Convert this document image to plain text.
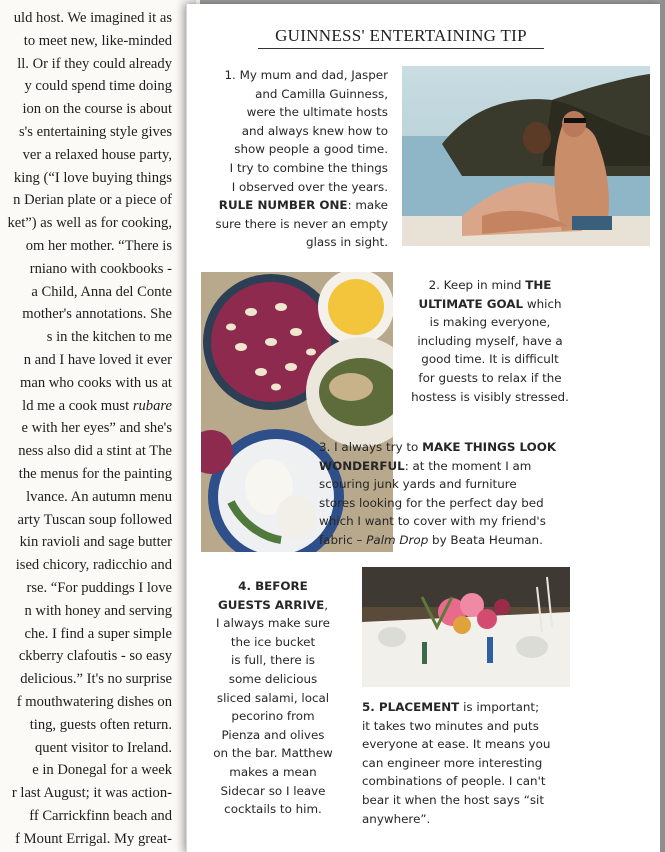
uld host. We imagined it as
to meet new, like-minded
ll. Or if they could already
y could spend time doing
ion on the course is about
s's entertaining style gives
ver a relaxed house party,
king (“I love buying things
n Derian plate or a piece of
ket”) as well as for cooking,
om her mother. “There is
rniano with cookbooks -
a Child, Anna del Conte
mother's annotations. She
s in the kitchen to me
n and I have loved it ever
man who cooks with us at
ld me a cook must rubare
e with her eyes” and she's
ness also did a stint at The
the menus for the painting
lvance. An autumn menu
arty Tuscan soup followed
kin ravioli and sage butter
ised chicory, radicchio and
rse. “For puddings I love
n with honey and serving
che. I find a super simple
ckberry clafoutis - so easy
delicious.” It's no surprise
f mouthwatering dishes on
ting, guests often return.
quent visitor to Ireland.
e in Donegal for a week
r last August; it was action-
ff Carrickfinn beach and
f Mount Errigal. My great-
GUINNESS' ENTERTAINING TIP
1. My mum and dad, Jasper
and Camilla Guinness,
were the ultimate hosts
and always knew how to
show people a good time.
I try to combine the things
I observed over the years.
RULE NUMBER ONE: make
sure there is never an empty
glass in sight.
2. Keep in mind THE
ULTIMATE GOAL which
is making everyone,
including myself, have a
good time. It is difficult
for guests to relax if the
hostess is visibly stressed.
3. I always try to MAKE THINGS LOOK
WONDERFUL: at the moment I am
scouring junk yards and furniture
stores looking for the perfect day bed
which I want to cover with my friend's
fabric – Palm Drop by Beata Heuman.
4. BEFORE
GUESTS ARRIVE,
I always make sure
the ice bucket
is full, there is
some delicious
sliced salami, local
pecorino from
Pienza and olives
on the bar. Matthew
makes a mean
Sidecar so I leave
cocktails to him.
5. PLACEMENT is important;
it takes two minutes and puts
everyone at ease. It means you
can engineer more interesting
combinations of people. I can't
bear it when the host says “sit
anywhere”.
